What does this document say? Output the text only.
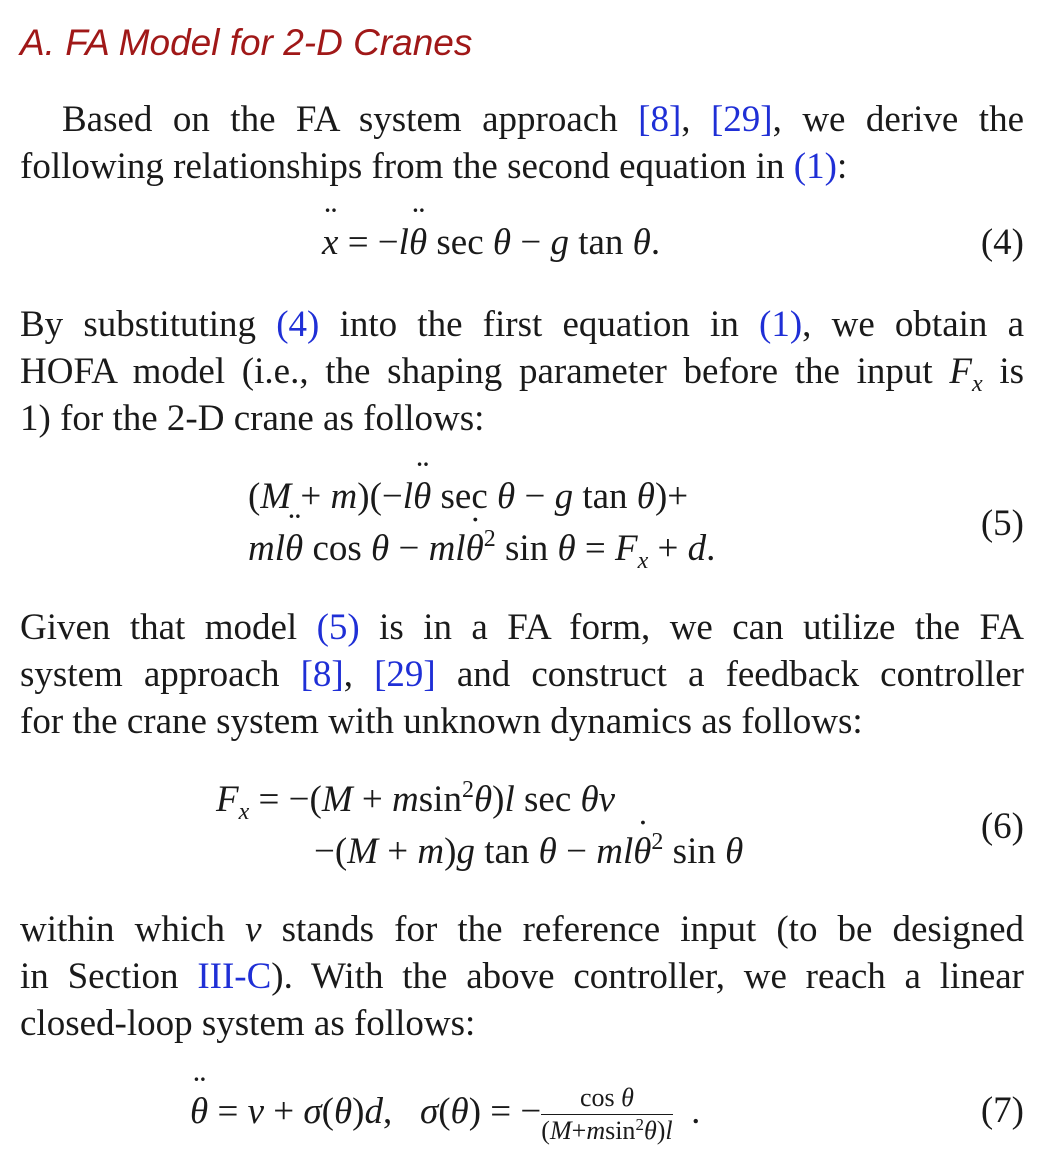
A. FA Model for 2-D Cranes
Based on the FA system approach [8], [29], we derive the
following relationships from the second equation in (1):
¨ x = −l¨ θ sec θ − g tan θ.	(4)
By substituting (4) into the first equation in (1), we obtain a
HOFA model (i.e., the shaping parameter before the input $F_x$ is
1) for the 2-D crane as follows:
(M + m)(−l¨ θ sec θ − g tan θ)+
ml¨ θ cos θ − ml˙ $\theta^2$ $\sin \theta = F_x + d$.
(5)
Given that model (5) is in a FA form, we can utilize the FA
system approach [8], [29] and construct a feedback controller
for the crane system with unknown dynamics as follows:
$F_x = -(M + msin^2\theta)l$ sec θv
−(M + m)g tan θ − ml˙ $\theta^2$ sin θ
(6)
within which v stands for the reference input (to be designed
in Section III-C). With the above controller, we reach a linear
closed-loop system as follows:
¨ θ = v + σ(θ)d,   σ(θ) = − $\frac{\text{cos θ}}{(M+msin^2\theta)l}$ .	(7)
